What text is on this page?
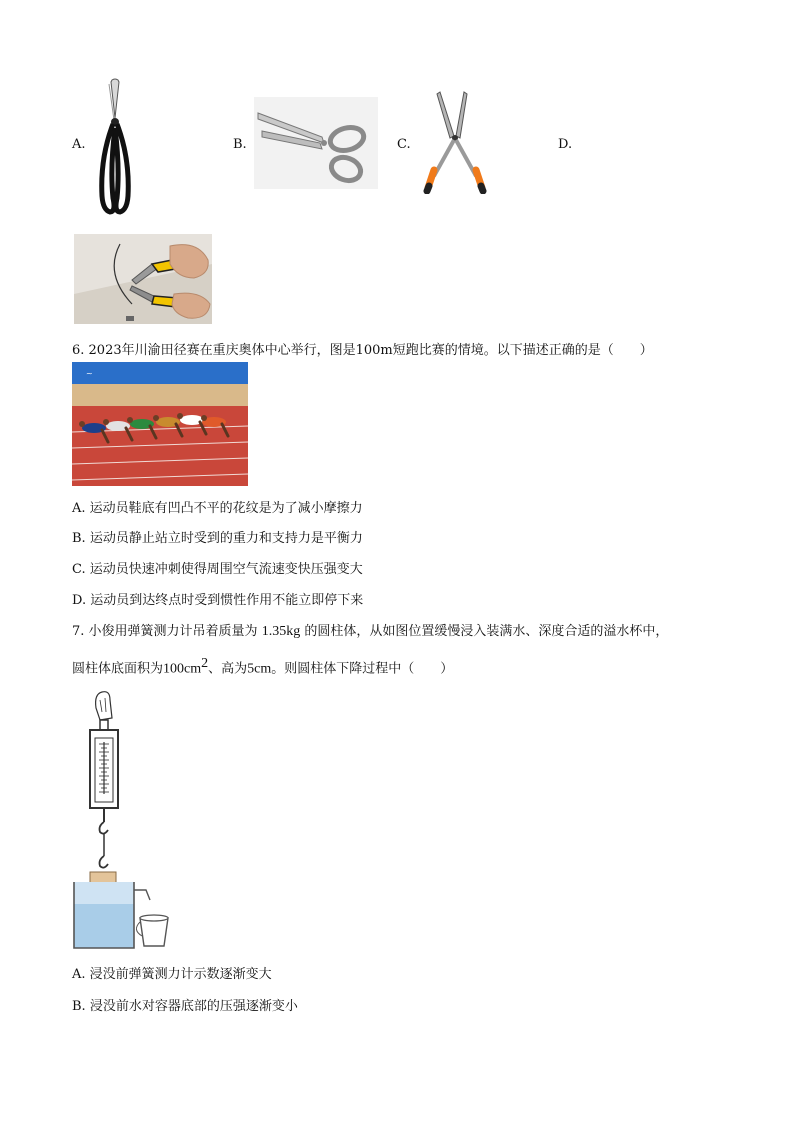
A.	B.	C.	D.
6. 2023年川渝田径赛在重庆奥体中心举行，图是100m短跑比赛的情境。以下描述正确的是（　　）
~
A. 运动员鞋底有凹凸不平的花纹是为了减小摩擦力
B. 运动员静止站立时受到的重力和支持力是平衡力
C. 运动员快速冲刺使得周围空气流速变快压强变大
D. 运动员到达终点时受到惯性作用不能立即停下来
7. 小俊用弹簧测力计吊着质量为 1.35kg 的圆柱体，从如图位置缓慢浸入装满水、深度合适的溢水杯中，
圆柱体底面积为$100cm^2$、高为5cm。则圆柱体下降过程中（　　）
A. 浸没前弹簧测力计示数逐渐变大
B. 浸没前水对容器底部的压强逐渐变小
